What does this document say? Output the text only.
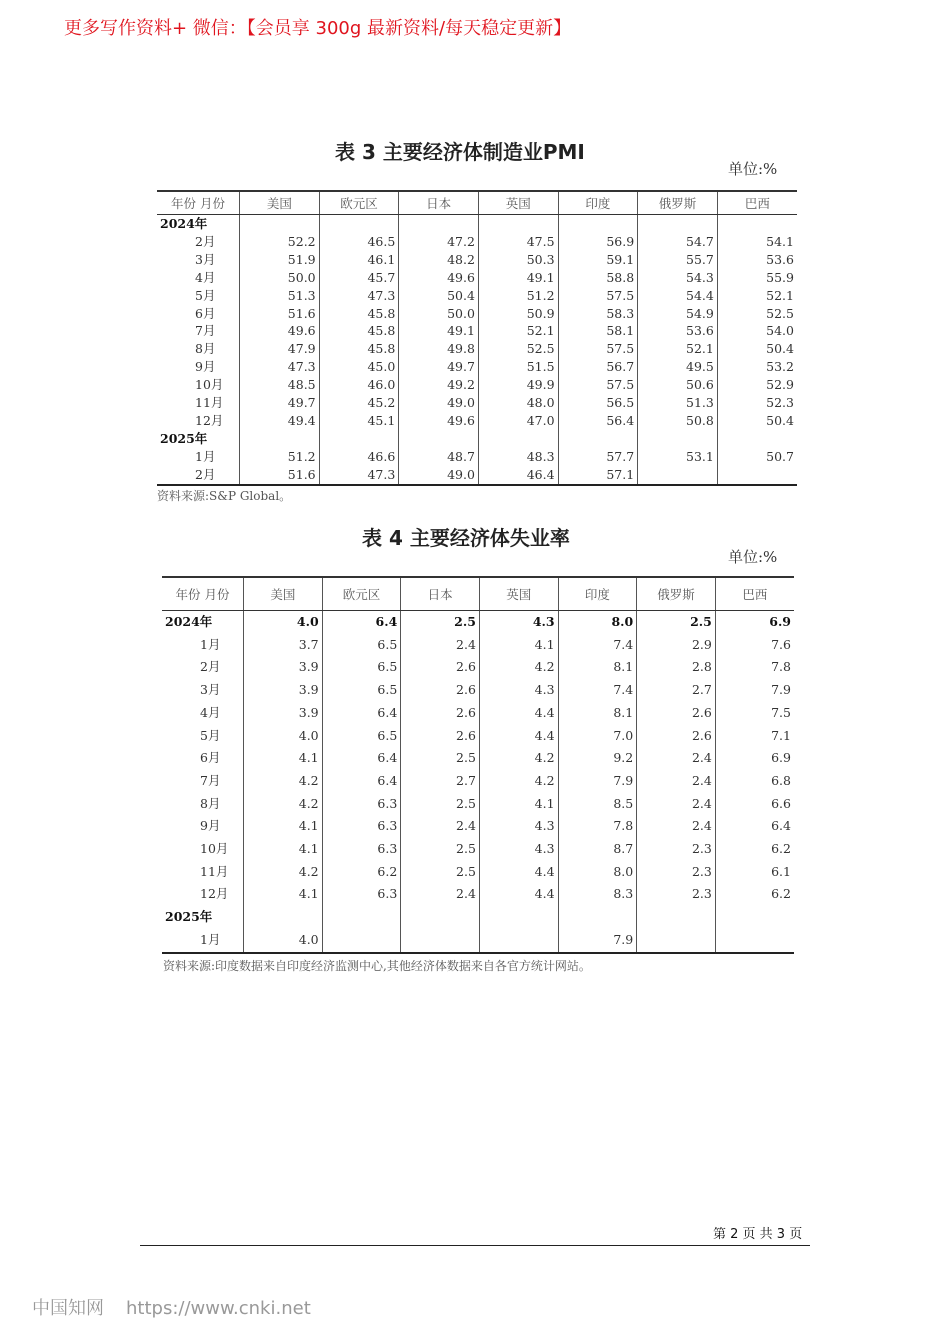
更多写作资料+ 微信：【会员享 300g 最新资料/每天稳定更新】
表 3 主要经济体制造业PMI
单位:%
年份 月份	美国	欧元区	日本	英国	印度	俄罗斯	巴西
2024年							
2月	52.2	46.5	47.2	47.5	56.9	54.7	54.1
3月	51.9	46.1	48.2	50.3	59.1	55.7	53.6
4月	50.0	45.7	49.6	49.1	58.8	54.3	55.9
5月	51.3	47.3	50.4	51.2	57.5	54.4	52.1
6月	51.6	45.8	50.0	50.9	58.3	54.9	52.5
7月	49.6	45.8	49.1	52.1	58.1	53.6	54.0
8月	47.9	45.8	49.8	52.5	57.5	52.1	50.4
9月	47.3	45.0	49.7	51.5	56.7	49.5	53.2
10月	48.5	46.0	49.2	49.9	57.5	50.6	52.9
11月	49.7	45.2	49.0	48.0	56.5	51.3	52.3
12月	49.4	45.1	49.6	47.0	56.4	50.8	50.4
2025年							
1月	51.2	46.6	48.7	48.3	57.7	53.1	50.7
2月	51.6	47.3	49.0	46.4	57.1		
资料来源:S&P Global。
表 4 主要经济体失业率
单位:%
年份 月份	美国	欧元区	日本	英国	印度	俄罗斯	巴西
2024年	4.0	6.4	2.5	4.3	8.0	2.5	6.9
1月	3.7	6.5	2.4	4.1	7.4	2.9	7.6
2月	3.9	6.5	2.6	4.2	8.1	2.8	7.8
3月	3.9	6.5	2.6	4.3	7.4	2.7	7.9
4月	3.9	6.4	2.6	4.4	8.1	2.6	7.5
5月	4.0	6.5	2.6	4.4	7.0	2.6	7.1
6月	4.1	6.4	2.5	4.2	9.2	2.4	6.9
7月	4.2	6.4	2.7	4.2	7.9	2.4	6.8
8月	4.2	6.3	2.5	4.1	8.5	2.4	6.6
9月	4.1	6.3	2.4	4.3	7.8	2.4	6.4
10月	4.1	6.3	2.5	4.3	8.7	2.3	6.2
11月	4.2	6.2	2.5	4.4	8.0	2.3	6.1
12月	4.1	6.3	2.4	4.4	8.3	2.3	6.2
2025年							
1月	4.0				7.9		
资料来源:印度数据来自印度经济监测中心,其他经济体数据来自各官方统计网站。
第 2 页 共 3 页
中国知网 https://www.cnki.net
